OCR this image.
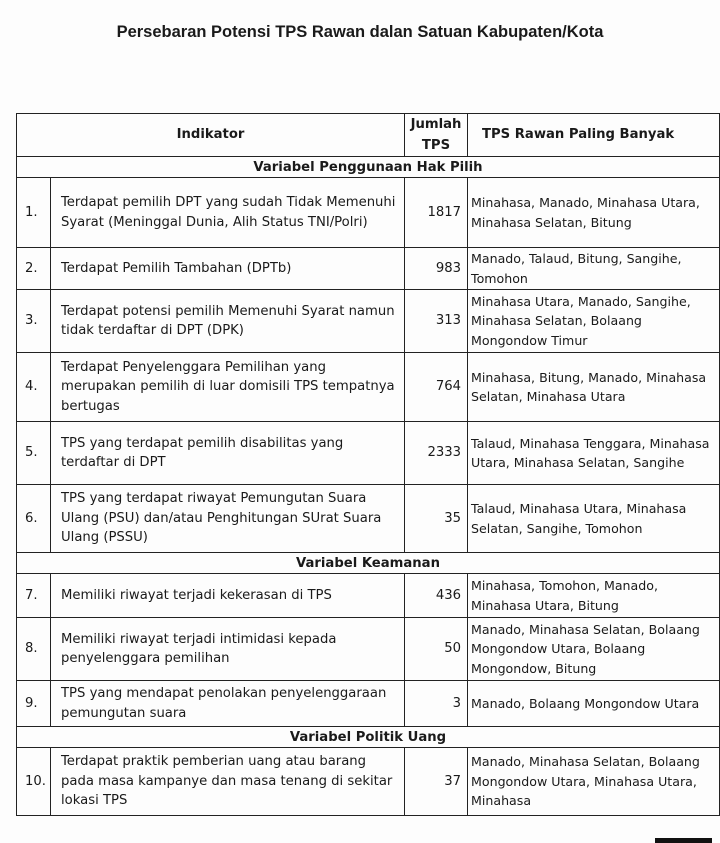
Persebaran Potensi TPS Rawan dalan Satuan Kabupaten/Kota
Indikator		Jumlah TPS	TPS Rawan Paling Banyak
Variabel Penggunaan Hak Pilih			
1.	Terdapat pemilih DPT yang sudah Tidak Memenuhi Syarat (Meninggal Dunia, Alih Status TNI/Polri)	1817	Minahasa, Manado, Minahasa Utara, Minahasa Selatan, Bitung
2.	Terdapat Pemilih Tambahan (DPTb)	983	Manado, Talaud, Bitung, Sangihe, Tomohon
3.	Terdapat potensi pemilih Memenuhi Syarat namun tidak terdaftar di DPT (DPK)	313	Minahasa Utara, Manado, Sangihe, Minahasa Selatan, Bolaang Mongondow Timur
4.	Terdapat Penyelenggara Pemilihan yang merupakan pemilih di luar domisili TPS tempatnya bertugas	764	Minahasa, Bitung, Manado, Minahasa Selatan, Minahasa Utara
5.	TPS yang terdapat pemilih disabilitas yang terdaftar di DPT	2333	Talaud, Minahasa Tenggara, Minahasa Utara, Minahasa Selatan, Sangihe
6.	TPS yang terdapat riwayat Pemungutan Suara Ulang (PSU) dan/atau Penghitungan SUrat Suara Ulang (PSSU)	35	Talaud, Minahasa Utara, Minahasa Selatan, Sangihe, Tomohon
Variabel Keamanan			
7.	Memiliki riwayat terjadi kekerasan di TPS	436	Minahasa, Tomohon, Manado, Minahasa Utara, Bitung
8.	Memiliki riwayat terjadi intimidasi kepada penyelenggara pemilihan	50	Manado, Minahasa Selatan, Bolaang Mongondow Utara, Bolaang Mongondow, Bitung
9.	TPS yang mendapat penolakan penyelenggaraan pemungutan suara	3	Manado, Bolaang Mongondow Utara
Variabel Politik Uang			
10.	Terdapat praktik pemberian uang atau barang pada masa kampanye dan masa tenang di sekitar lokasi TPS	37	Manado, Minahasa Selatan, Bolaang Mongondow Utara, Minahasa Utara, Minahasa
